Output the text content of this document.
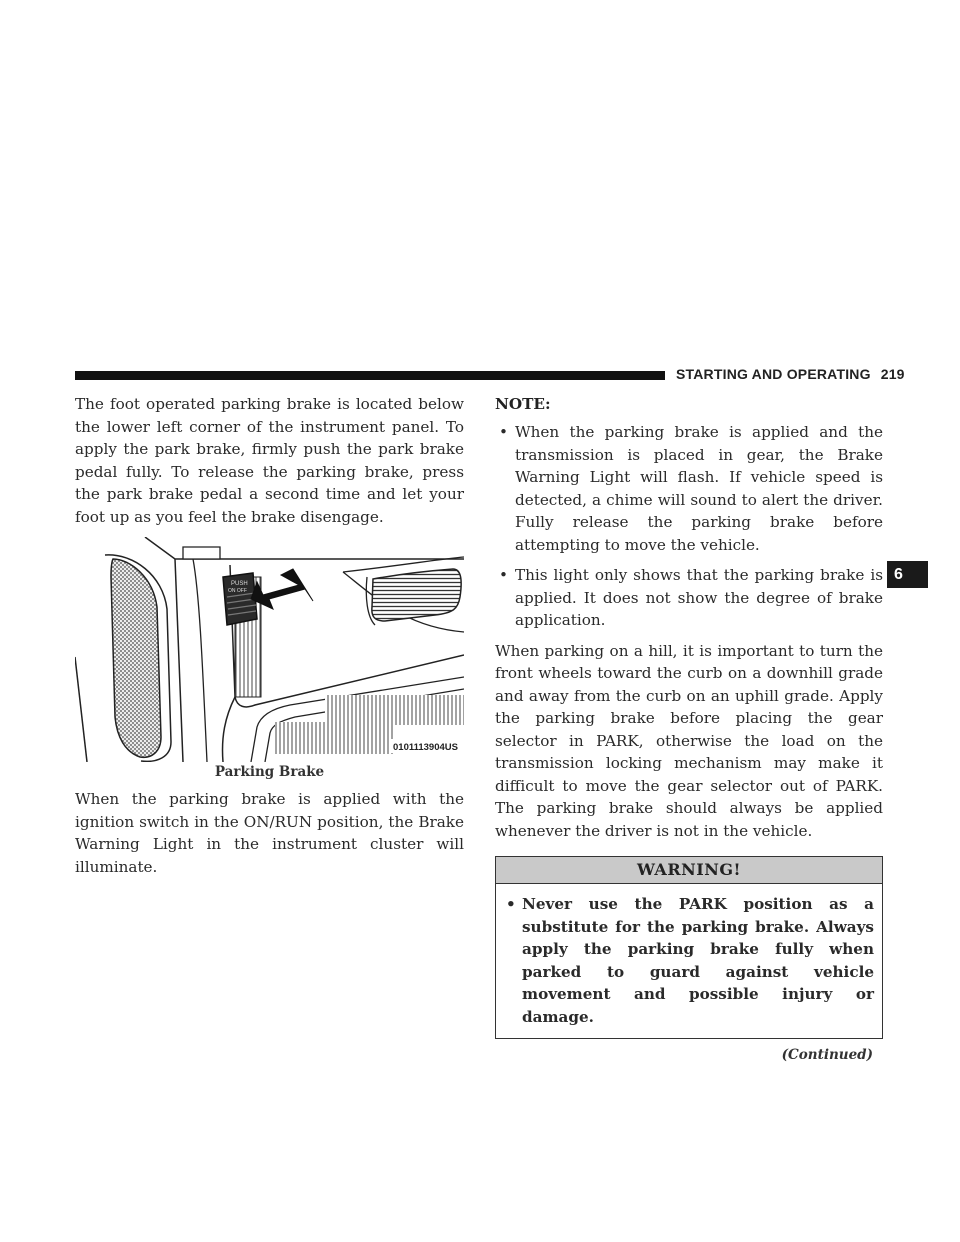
STARTING AND OPERATING 219

The foot operated parking brake is located below the lower left corner of the instrument panel. To apply the park brake, firmly push the park brake pedal fully. To release the parking brake, press the park brake pedal a second time and let your foot up as you feel the brake disengage.

PUSH
ON OFF
0101113904US
Parking Brake

When the parking brake is applied with the ignition switch in the ON/RUN position, the Brake Warning Light in the instrument cluster will illuminate.

NOTE:
• When the parking brake is applied and the transmission is placed in gear, the Brake Warning Light will flash. If vehicle speed is detected, a chime will sound to alert the driver. Fully release the parking brake before attempting to move the vehicle.
• This light only shows that the parking brake is applied. It does not show the degree of brake application.

When parking on a hill, it is important to turn the front wheels toward the curb on a downhill grade and away from the curb on an uphill grade. Apply the parking brake before placing the gear selector in PARK, otherwise the load on the transmission locking mechanism may make it difficult to move the gear selector out of PARK. The parking brake should always be applied whenever the driver is not in the vehicle.

WARNING!
• Never use the PARK position as a substitute for the parking brake. Always apply the parking brake fully when parked to guard against vehicle movement and possible injury or damage.
(Continued)
6
